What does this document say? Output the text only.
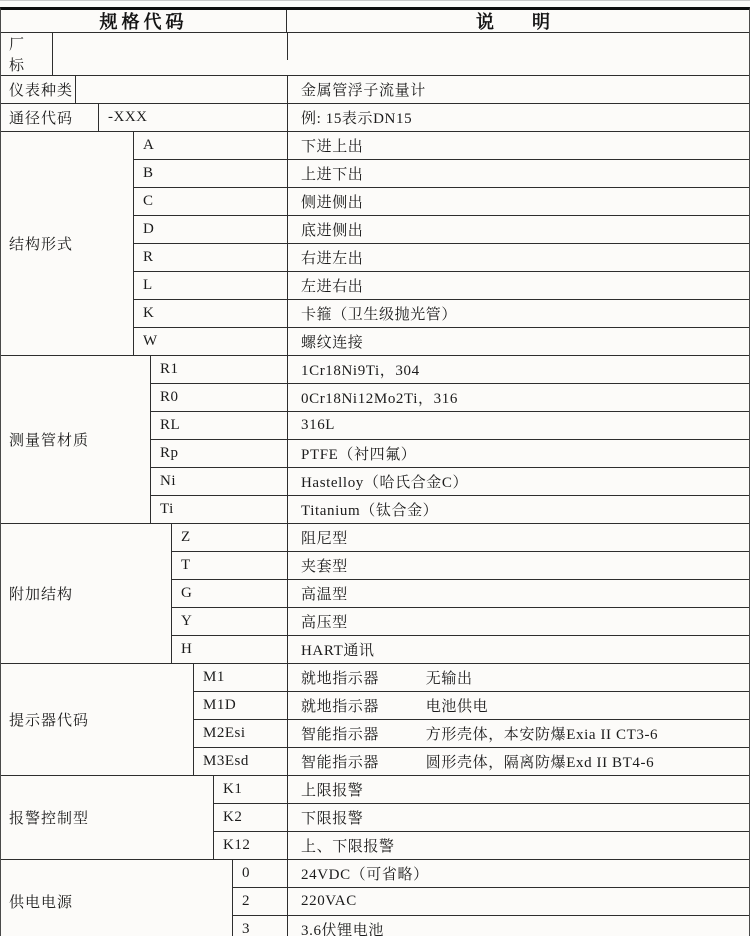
规格代码	说　明
厂　标
仪表种类	金属管浮子流量计
通径代码	-XXX	例: 15表示DN15
结构形式
A	下进上出
B	上进下出
C	侧进侧出
D	底进侧出
R	右进左出
L	左进右出
K	卡箍（卫生级抛光管）
W	螺纹连接
测量管材质
R1	1Cr18Ni9Ti，304
R0	0Cr18Ni12Mo2Ti，316
RL	316L
Rp	PTFE（衬四氟）
Ni	Hastelloy（哈氏合金C）
Ti	Titanium（钛合金）
附加结构
Z	阻尼型
T	夹套型
G	高温型
Y	高压型
H	HART通讯
提示器代码
M1	就地指示器　　　无输出
M1D	就地指示器　　　电池供电
M2Esi	智能指示器　　　方形壳体，本安防爆Exia II CT3-6
M3Esd	智能指示器　　　圆形壳体，隔离防爆Exd II BT4-6
报警控制型
K1	上限报警
K2	下限报警
K12	上、下限报警
供电电源
0	24VDC（可省略）
2	220VAC
3	3.6伏锂电池
